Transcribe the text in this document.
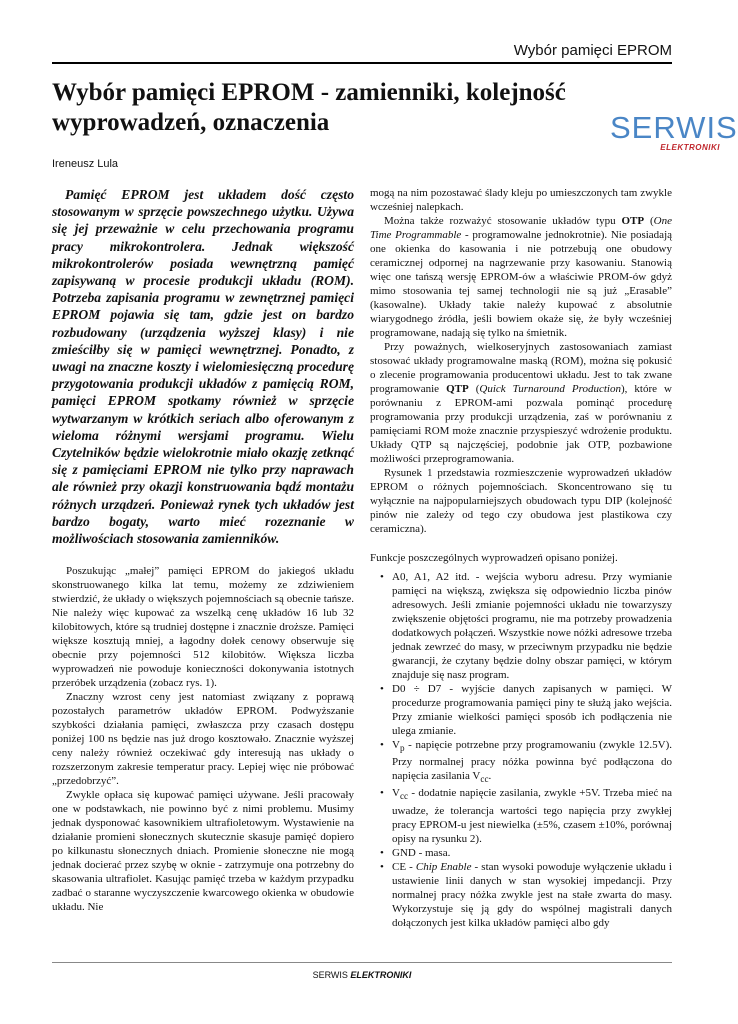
Wybór pamięci EPROM
Wybór pamięci EPROM - zamienniki, kolejność wyprowadzeń, oznaczenia	SERWIS
ELEKTRONIKI
Ireneusz Lula

Pamięć EPROM jest układem dość często stosowanym w sprzęcie powszechnego użytku. Używa się jej przeważnie w celu przechowania programu pracy mikrokontrolera. Jednak większość mikrokontrolerów posiada wewnętrzną pamięć zapisywaną w procesie produkcji układu (ROM). Potrzeba zapisania programu w zewnętrznej pamięci EPROM pojawia się tam, gdzie jest on bardzo rozbudowany (urządzenia wyższej klasy) i nie zmieściłby się w pamięci wewnętrznej. Ponadto, z uwagi na znaczne koszty i wielomiesięczną procedurę przygotowania produkcji układów z pamięcią ROM, pamięci EPROM spotkamy również w sprzęcie wytwarzanym w krótkich seriach albo oferowanym z wieloma różnymi wersjami programu. Wielu Czytelników będzie wielokrotnie miało okazję zetknąć się z pamięciami EPROM nie tylko przy naprawach ale również przy okazji konstruowania bądź montażu różnych urządzeń. Ponieważ rynek tych układów jest bardzo bogaty, warto mieć rozeznanie w możliwościach stosowania zamienników.

Poszukując „małej” pamięci EPROM do jakiegoś układu skonstruowanego kilka lat temu, możemy ze zdziwieniem stwierdzić, że układy o większych pojemnościach są obecnie tańsze. Nie należy więc kupować za wszelką cenę układów 16 lub 32 kilobitowych, które są trudniej dostępne i znacznie droższe. Pamięci większe kosztują mniej, a łagodny dołek cenowy obserwuje się obecnie przy pojemności 512 kilobitów. Większa liczba wyprowadzeń nie powoduje konieczności dokonywania istotnych przeróbek urządzenia (zobacz rys. 1).

Znaczny wzrost ceny jest natomiast związany z poprawą pozostałych parametrów układów EPROM. Podwyższanie szybkości działania pamięci, zwłaszcza przy czasach dostępu poniżej 100 ns będzie nas już drogo kosztowało. Znacznie wyższej ceny należy również oczekiwać gdy interesują nas układy o rozszerzonym zakresie temperatur pracy. Lepiej więc nie próbować „przedobrzyć”.

Zwykle opłaca się kupować pamięci używane. Jeśli pracowały one w podstawkach, nie powinno być z nimi problemu. Musimy jednak dysponować kasownikiem ultrafioletowym. Wystawienie na działanie promieni słonecznych skutecznie skasuje pamięć dopiero po kilkunastu słonecznych dniach. Promienie słoneczne nie mogą jednak docierać przez szybę w oknie - zatrzymuje ona potrzebny do skasowania ultrafiolet. Kasując pamięć trzeba w każdym przypadku zadbać o staranne wyczyszczenie kwarcowego okienka w obudowie układu. Nie

mogą na nim pozostawać ślady kleju po umieszczonych tam zwykle wcześniej nalepkach.

Można także rozważyć stosowanie układów typu OTP (One Time Programmable - programowalne jednokrotnie). Nie posiadają one okienka do kasowania i nie potrzebują one obudowy ceramicznej odpornej na nagrzewanie przy kasowaniu. Stanowią więc one tańszą wersję EPROM-ów a właściwie PROM-ów gdyż mimo stosowania tej samej technologii nie są już „Erasable” (kasowalne). Układy takie należy kupować z absolutnie wiarygodnego źródła, jeśli bowiem okaże się, że były wcześniej programowane, nadają się tylko na śmietnik.

Przy poważnych, wielkoseryjnych zastosowaniach zamiast stosować układy programowalne maską (ROM), można się pokusić o zlecenie programowania producentowi układu. Jest to tak zwane programowanie QTP (Quick Turnaround Production), które w porównaniu z EPROM-ami pozwala pominąć procedurę programowania przy produkcji urządzenia, zaś w porównaniu z pamięciami ROM może znacznie przyspieszyć wdrożenie produktu. Układy QTP są najczęściej, podobnie jak OTP, pozbawione możliwości przeprogramowania.

Rysunek 1 przedstawia rozmieszczenie wyprowadzeń układów EPROM o różnych pojemnościach. Skoncentrowano się tu wyłącznie na najpopularniejszych obudowach typu DIP (kolejność pinów nie zależy od tego czy obudowa jest plastikowa czy ceramiczna).

Funkcje poszczególnych wyprowadzeń opisano poniżej.

• A0, A1, A2 itd. - wejścia wyboru adresu. Przy wymianie pamięci na większą, zwiększa się odpowiednio liczba pinów adresowych. Jeśli zmianie pojemności układu nie towarzyszy zwiększenie objętości programu, nie ma potrzeby prowadzenia dodatkowych połączeń. Wszystkie nowe nóżki adresowe trzeba jednak zewrzeć do masy, w przeciwnym przypadku nie będzie gwarancji, że czytany będzie dolny obszar pamięci, w którym znajduje się nasz program.
• D0 ÷ D7 - wyjście danych zapisanych w pamięci. W procedurze programowania pamięci piny te służą jako wejścia. Przy zmianie wielkości pamięci sposób ich podłączenia nie ulega zmianie.
• $V_p$ - napięcie potrzebne przy programowaniu (zwykle 12.5V). Przy normalnej pracy nóżka powinna być podłączona do napięcia zasilania $V_{cc}$.
• $V_{cc}$ - dodatnie napięcie zasilania, zwykle +5V. Trzeba mieć na uwadze, że tolerancja wartości tego napięcia przy zwykłej pracy EPROM-u jest niewielka (±5%, czasem ±10%, porównaj opisy na rysunku 2).
• GND - masa.
• CE - Chip Enable - stan wysoki powoduje wyłączenie układu i ustawienie linii danych w stan wysokiej impedancji. Przy normalnej pracy nóżka zwykle jest na stałe zwarta do masy. Wykorzystuje się ją gdy do wspólnej magistrali danych dołączonych jest kilka układów pamięci albo gdy
SERWIS ELEKTRONIKI
